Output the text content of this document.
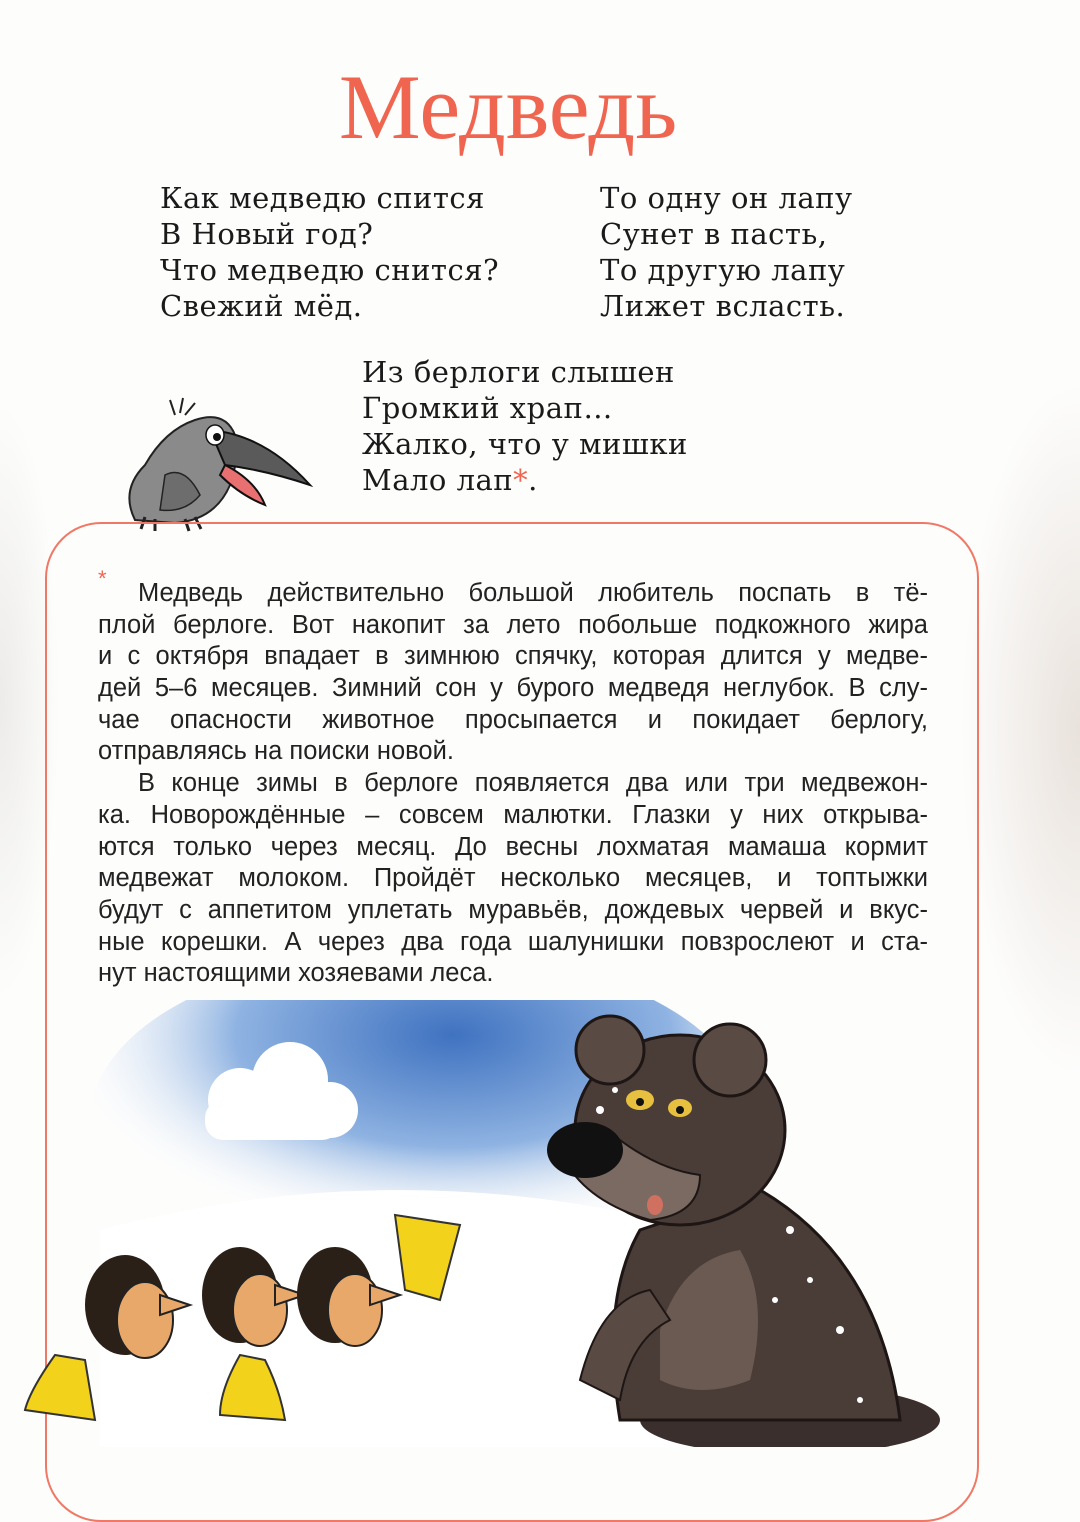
Медведь
Как медведю спится
В Новый год?
Что медведю снится?
Свежий мёд.
То одну он лапу
Сунет в пасть,
То другую лапу
Лижет всласть.
Из берлоги слышен
Громкий храп…
Жалко, что у мишки
Мало лап*.
*
Медведь действительно большой любитель поспать в тё-
плой берлоге. Вот накопит за лето побольше подкожного жира
и с октября впадает в зимнюю спячку, которая длится у медве-
дей 5–6 месяцев. Зимний сон у бурого медведя неглубок. В слу-
чае опасности животное просыпается и покидает берлогу,
отправляясь на поиски новой.
В конце зимы в берлоге появляется два или три медвежон-
ка. Новорождённые – совсем малютки. Глазки у них открыва-
ются только через месяц. До весны лохматая мамаша кормит
медвежат молоком. Пройдёт несколько месяцев, и топтыжки
будут с аппетитом уплетать муравьёв, дождевых червей и вкус-
ные корешки. А через два года шалунишки повзрослеют и ста-
нут настоящими хозяевами леса.
